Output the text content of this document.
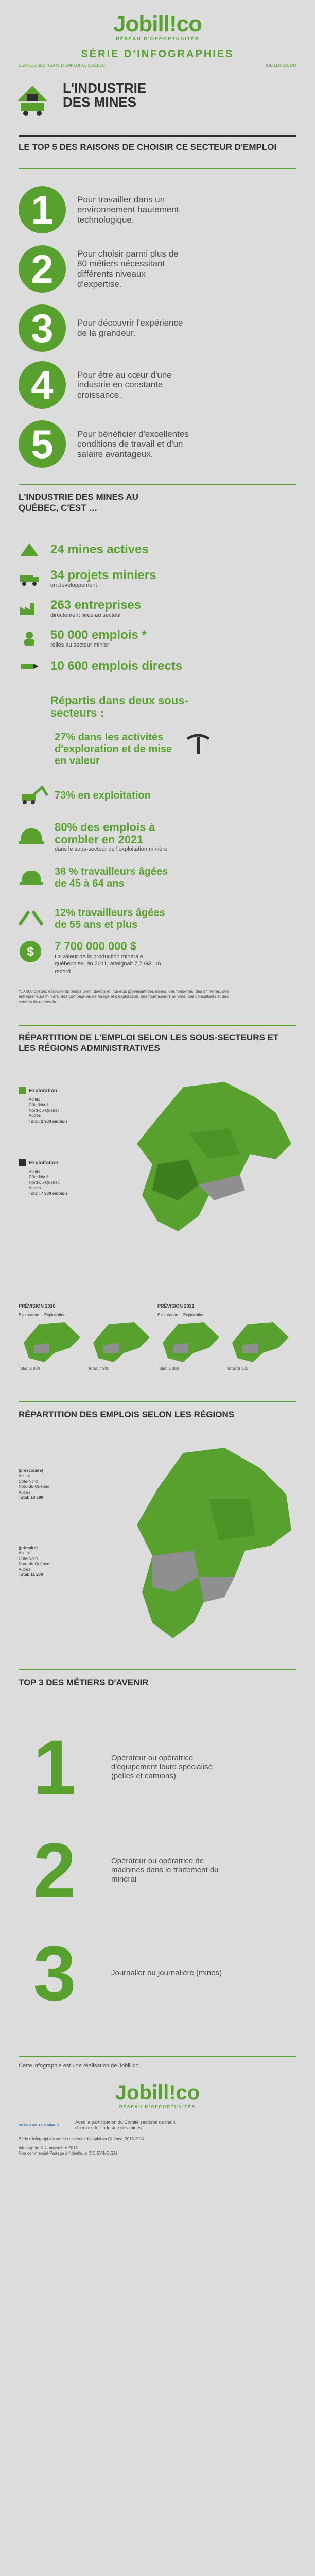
Jobill!co
RÉSEAU D'OPPORTUNITÉS
SÉRIE D'INFOGRAPHIES
SUR LES SECTEURS D'EMPLOI AU QUÉBEC	JOBILLICO.COM
L'INDUSTRIE
DES MINES
LE TOP 5 DES RAISONS DE CHOISIR CE SECTEUR D'EMPLOI
1	Pour travailler dans un environnement hautement technologique.
2	Pour choisir parmi plus de 80 métiers nécessitant différents niveaux d'expertise.
3	Pour découvrir l'expérience de la grandeur.
4	Pour être au cœur d'une industrie en constante croissance.
5	Pour bénéficier d'excellentes conditions de travail et d'un salaire avantageux.
L'INDUSTRIE DES MINES AU QUÉBEC, C'EST …
24 mines actives
34 projets miniers
en développement
263 entreprises
directement liées au secteur
50 000 emplois *
reliés au secteur minier
10 600 emplois directs
Répartis dans deux sous-secteurs :
27% dans les activités d'exploration et de mise en valeur
73% en exploitation
80% des emplois à combler en 2021
dans le sous-secteur de l'exploitation minière
38 % travailleurs âgées de 45 à 64 ans
12% travailleurs âgées de 55 ans et plus
$ 7 700 000 000 $
La valeur de la production minérale québécoise, en 2011, atteignait 7,7 G$, un record
*50 000 postes: équivalents temps plein: directs et indirects provenant des mines, des fonderies, des affineries, des entrepreneurs miniers, des compagnies de forage et d'exploration, des fournisseurs miniers, des consultants et des centres de recherche
RÉPARTITION DE L'EMPLOI SELON LES SOUS-SECTEURS ET LES RÉGIONS ADMINISTRATIVES
Exploration
Abitibi
Côte-Nord
Nord-du-Québec
Autres
Total: 2 900 emplois
Exploitation
Abitibi
Côte-Nord
Nord-du-Québec
Autres
Total: 7 800 emplois
PRÉVISION 2016	PRÉVISION 2021
Exploration Exploitation	Exploration Exploitation
Total: 2 800	Total: 7 900	Total: 3 000	Total: 8 300
RÉPARTITION DES EMPLOIS SELON LES RÉGIONS
(préscolaire)
Abitibi
Côte-Nord
Nord-du-Québec
Autres
Total: 10 600
(primaire)
Abitibi
Côte-Nord
Nord-du-Québec
Autres
Total: 11 200
TOP 3 DES MÉTIERS D'AVENIR
1	Opérateur ou opératrice d'équipement lourd spécialisé (pelles et camions)
2	Opérateur ou opératrice de machines dans le traitement du minerai
3	Journalier ou journalière (mines)
Cette infographie est une réalisation de Jobillico
Jobill!co
RÉSEAU D'OPPORTUNITÉS
INDUSTRIE DES MINES
Avec la participation du Comité sectoriel de main d'œuvre de l'industrie des mines
Série d'infographies sur les secteurs d'emploi au Québec, 2013-2014
Infographie N.4, novembre 2013
Non commercial-Partage à l'identique (CC BY-NC-SA)
